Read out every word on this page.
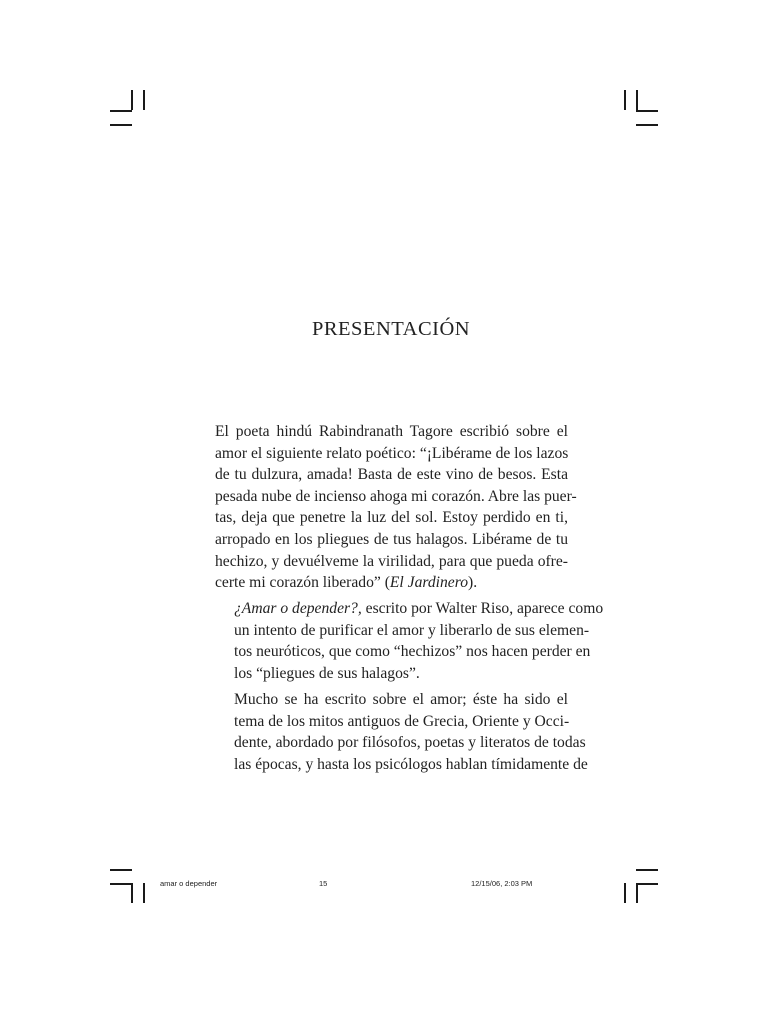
PRESENTACIÓN

El poeta hindú Rabindranath Tagore escribió sobre el
amor el siguiente relato poético: “¡Libérame de los lazos
de tu dulzura, amada! Basta de este vino de besos. Esta
pesada nube de incienso ahoga mi corazón. Abre las puer-
tas, deja que penetre la luz del sol. Estoy perdido en ti,
arropado en los pliegues de tus halagos. Libérame de tu
hechizo, y devuélveme la virilidad, para que pueda ofre-
certe mi corazón liberado” (El Jardinero).

¿Amar o depender?, escrito por Walter Riso, aparece como
un intento de purificar el amor y liberarlo de sus elemen-
tos neuróticos, que como “hechizos” nos hacen perder en
los “pliegues de sus halagos”.

Mucho se ha escrito sobre el amor; éste ha sido el
tema de los mitos antiguos de Grecia, Oriente y Occi-
dente, abordado por filósofos, poetas y literatos de todas
las épocas, y hasta los psicólogos hablan tímidamente de

amar o depender	15	12/15/06, 2:03 PM
